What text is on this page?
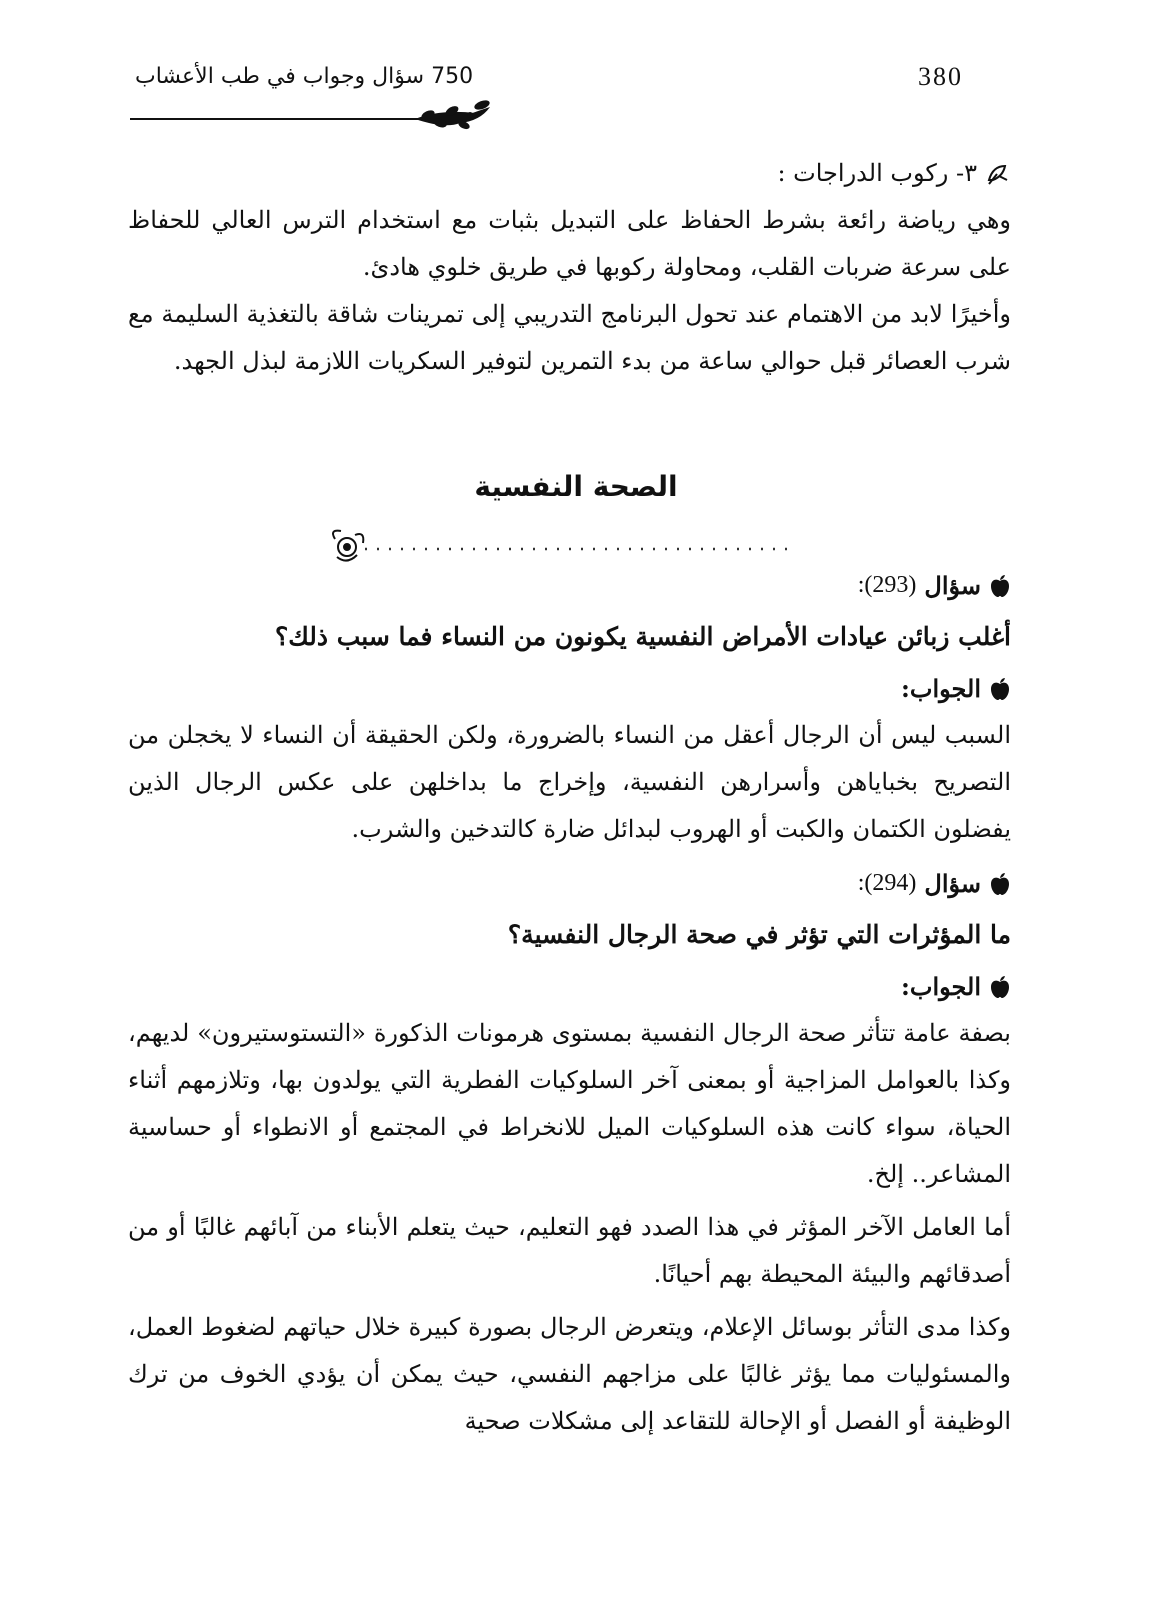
380
750 سؤال وجواب في طب الأعشاب

٣- ركوب الدراجات :

وهي رياضة رائعة بشرط الحفاظ على التبديل بثبات مع استخدام الترس العالي للحفاظ على سرعة ضربات القلب، ومحاولة ركوبها في طريق خلوي هادئ.

وأخيرًا لابد من الاهتمام عند تحول البرنامج التدريبي إلى تمرينات شاقة بالتغذية السليمة مع شرب العصائر قبل حوالي ساعة من بدء التمرين لتوفير السكريات اللازمة لبذل الجهد.

الصحة النفسية
سؤال
(293):

أغلب زبائن عيادات الأمراض النفسية يكونون من النساء فما سبب ذلك؟

الجواب:

السبب ليس أن الرجال أعقل من النساء بالضرورة، ولكن الحقيقة أن النساء لا يخجلن من التصريح بخباياهن وأسرارهن النفسية، وإخراج ما بداخلهن على عكس الرجال الذين يفضلون الكتمان والكبت أو الهروب لبدائل ضارة كالتدخين والشرب.

سؤال
(294):

ما المؤثرات التي تؤثر في صحة الرجال النفسية؟

الجواب:

بصفة عامة تتأثر صحة الرجال النفسية بمستوى هرمونات الذكورة «التستوستيرون» لديهم، وكذا بالعوامل المزاجية أو بمعنى آخر السلوكيات الفطرية التي يولدون بها، وتلازمهم أثناء الحياة، سواء كانت هذه السلوكيات الميل للانخراط في المجتمع أو الانطواء أو حساسية المشاعر.. إلخ.

أما العامل الآخر المؤثر في هذا الصدد فهو التعليم، حيث يتعلم الأبناء من آبائهم غالبًا أو من أصدقائهم والبيئة المحيطة بهم أحيانًا.

وكذا مدى التأثر بوسائل الإعلام، ويتعرض الرجال بصورة كبيرة خلال حياتهم لضغوط العمل، والمسئوليات مما يؤثر غالبًا على مزاجهم النفسي، حيث يمكن أن يؤدي الخوف من ترك الوظيفة أو الفصل أو الإحالة للتقاعد إلى مشكلات صحية
